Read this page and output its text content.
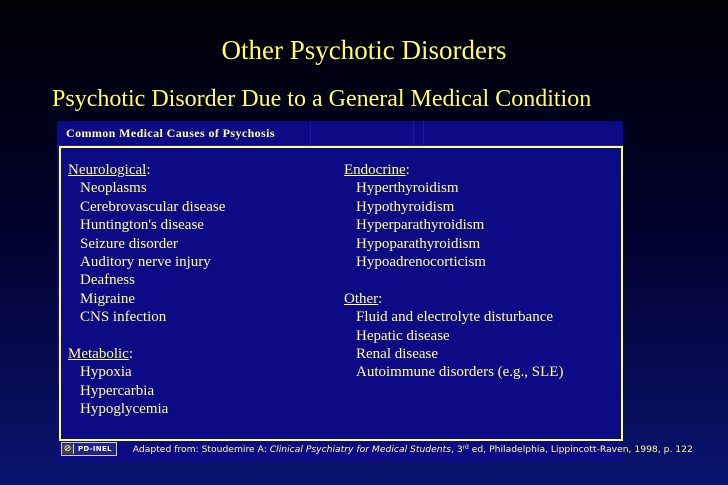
Other Psychotic Disorders
Psychotic Disorder Due to a General Medical Condition
Common Medical Causes of Psychosis
Neurological:
Neoplasms
Cerebrovascular disease
Huntington's disease
Seizure disorder
Auditory nerve injury
Deafness
Migraine
CNS infection
Metabolic:
Hypoxia
Hypercarbia
Hypoglycemia
Endocrine:
Hyperthyroidism
Hypothyroidism
Hyperparathyroidism
Hypoparathyroidism
Hypoadrenocorticism
Other:
Fluid and electrolyte disturbance
Hepatic disease
Renal disease
Autoimmune disorders (e.g., SLE)
⊘ PD-INEL	Adapted from: Stoudemire A: Clinical Psychiatry for Medical Students, 3rd ed, Philadelphia, Lippincott-Raven, 1998, p. 122
